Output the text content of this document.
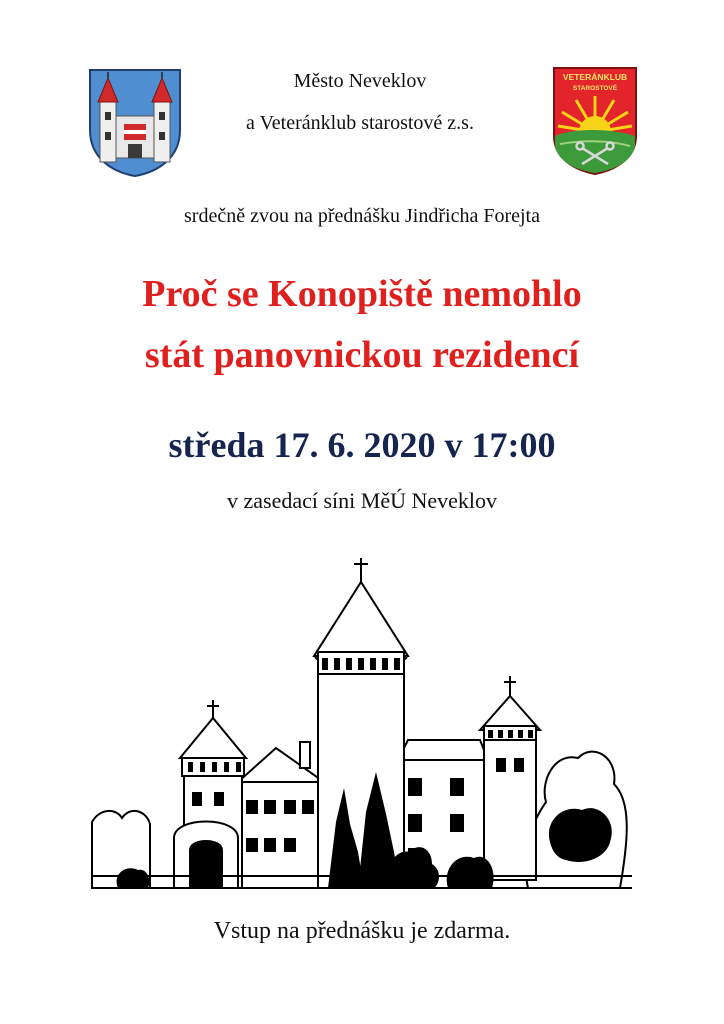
Město Neveklov
a Veteránklub starostové z.s.
VETERÁNKLUB
STAROSTOVÉ
srdečně zvou na přednášku Jindřicha Forejta
Proč se Konopiště nemohlo
stát panovnickou rezidencí
středa 17. 6. 2020 v 17:00
v zasedací síni MěÚ Neveklov
Vstup na přednášku je zdarma.
